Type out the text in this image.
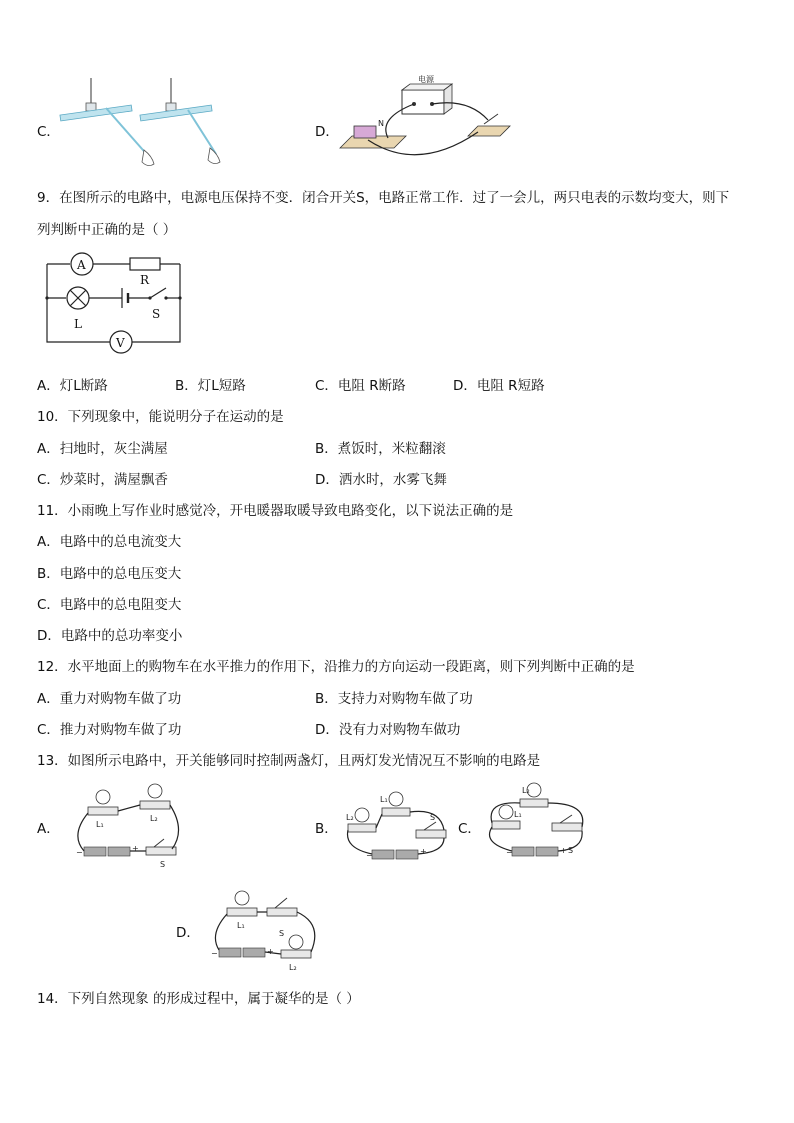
C．	D．
电源
N
9．在图所示的电路中，电源电压保持不变．闭合开关S，电路正常工作．过了一会儿，两只电表的示数均变大，则下
列判断中正确的是（ ）
A
R
L
S
V
A．灯L断路	B．灯L短路	C．电阻 R断路	D．电阻 R短路
10．下列现象中，能说明分子在运动的是
A．扫地时，灰尘满屋	B．煮饭时，米粒翻滚
C．炒菜时，满屋飘香	D．洒水时，水雾飞舞
11．小雨晚上写作业时感觉冷，开电暖器取暖导致电路变化，以下说法正确的是
A．电路中的总电流变大
B．电路中的总电压变大
C．电路中的总电阻变大
D．电路中的总功率变小
12．水平地面上的购物车在水平推力的作用下，沿推力的方向运动一段距离，则下列判断中正确的是
A．重力对购物车做了功	B．支持力对购物车做了功
C．推力对购物车做了功	D．没有力对购物车做功
13．如图所示电路中，开关能够同时控制两盏灯，且两灯发光情况互不影响的电路是
A．	L₁
L₂
−	+
S
B．
L₁
L₂	S
−	+
C．
L₂
L₁
−	+ S
D．	L₁
S
L₂
−	+
14．下列自然现象 的形成过程中，属于凝华的是（ ）
